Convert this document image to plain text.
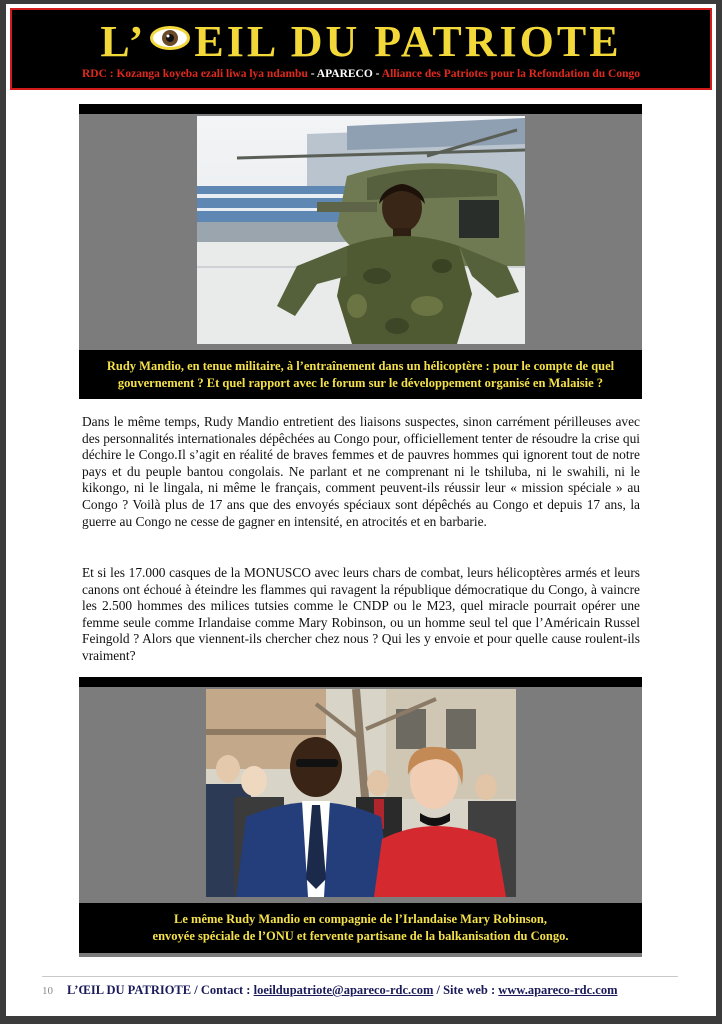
L’ EIL DU PATRIOTE
RDC : Kozanga koyeba ezali liwa lya ndambu - APARECO - Alliance des Patriotes pour la Refondation du Congo
Rudy Mandio, en tenue militaire, à l’entraînement dans un hélicoptère : pour le compte de quel
gouvernement ? Et quel rapport avec le forum sur le développement organisé en Malaisie ?

Dans le même temps, Rudy Mandio entretient des liaisons suspectes, sinon carrément périlleuses avec des personnalités internationales dépêchées au Congo pour, officiellement tenter de résoudre la crise qui déchire le Congo.Il s’agit en réalité de braves femmes et de pauvres hommes qui ignorent tout de notre pays et du peuple bantou congolais. Ne parlant et ne comprenant ni le tshiluba, ni le swahili, ni le kikongo, ni le lingala, ni même le français, comment peuvent-ils réussir leur « mission spéciale » au Congo ? Voilà plus de 17 ans que des envoyés spéciaux sont dépêchés au Congo et depuis 17 ans, la guerre au Congo ne cesse de gagner en intensité, en atrocités et en barbarie.

Et si les 17.000 casques de la MONUSCO avec leurs chars de combat, leurs hélicoptères armés et leurs canons ont échoué à éteindre les flammes qui ravagent la république démocratique du Congo, à vaincre les 2.500 hommes des milices tutsies comme le CNDP ou le M23, quel miracle pourrait opérer une femme seule comme Irlandaise comme Mary Robinson, ou un homme seul tel que l’Américain Russel Feingold ? Alors que viennent-ils chercher chez nous ? Qui les y envoie et pour quelle cause roulent-ils vraiment?

Le même Rudy Mandio en compagnie de l’Irlandaise Mary Robinson,
envoyée spéciale de l’ONU et fervente partisane de la balkanisation du Congo.
10 L’ŒIL DU PATRIOTE / Contact : loeildupatriote@apareco-rdc.com / Site web : www.apareco-rdc.com
